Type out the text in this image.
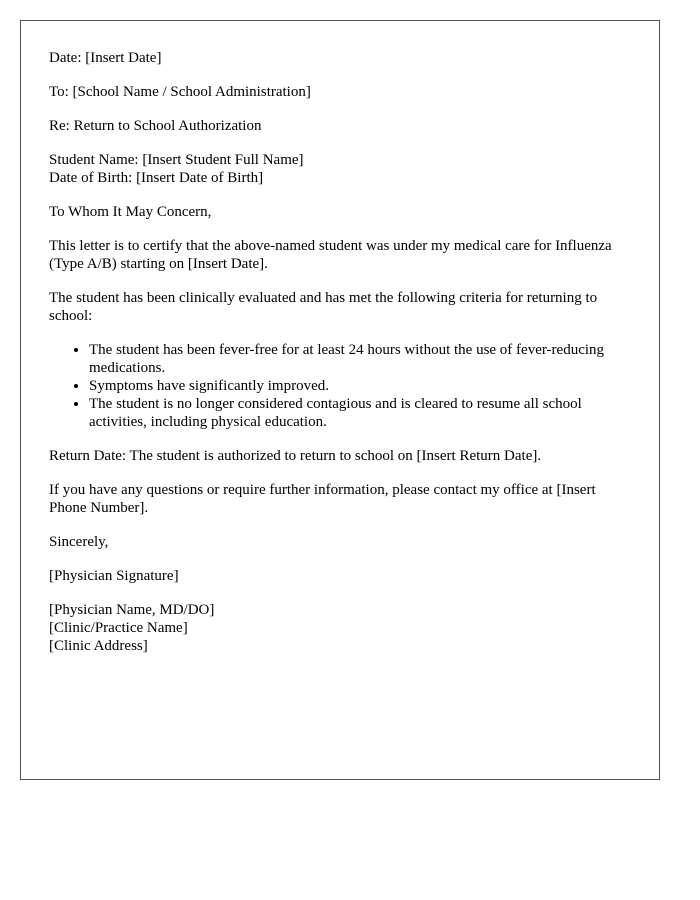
Date: [Insert Date]

To: [School Name / School Administration]

Re: Return to School Authorization

Student Name: [Insert Student Full Name]
Date of Birth: [Insert Date of Birth]

To Whom It May Concern,

This letter is to certify that the above-named student was under my medical care for Influenza (Type A/B) starting on [Insert Date].

The student has been clinically evaluated and has met the following criteria for returning to school:

• The student has been fever-free for at least 24 hours without the use of fever-reducing medications.
• Symptoms have significantly improved.
• The student is no longer considered contagious and is cleared to resume all school activities, including physical education.

Return Date: The student is authorized to return to school on [Insert Return Date].

If you have any questions or require further information, please contact my office at [Insert Phone Number].

Sincerely,

[Physician Signature]

[Physician Name, MD/DO]
[Clinic/Practice Name]
[Clinic Address]
